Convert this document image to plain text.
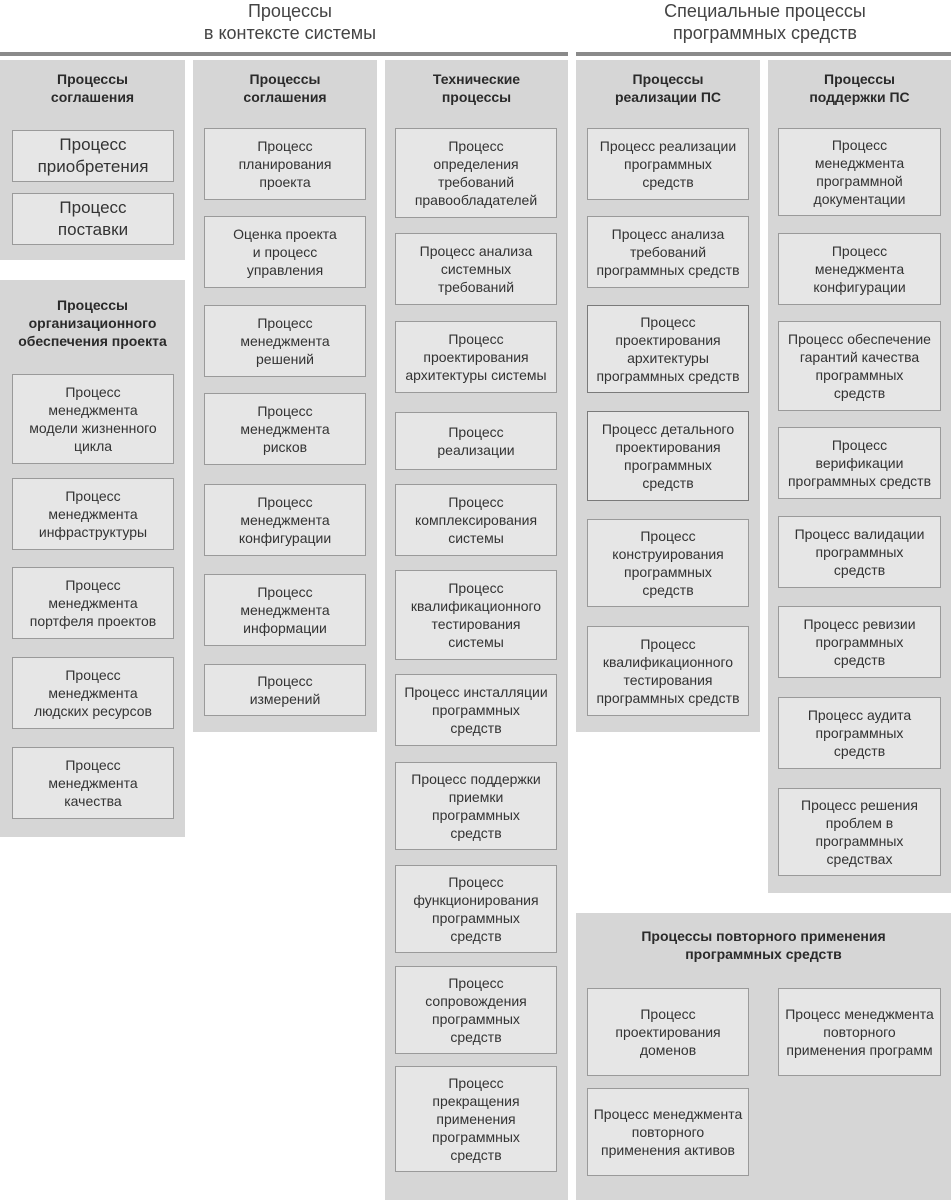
Процессы
в контексте системы
Специальные процессы
программных средств
Процессы
соглашения
Процесс
приобретения
Процесс
поставки
Процессы
организационного
обеспечения проекта
Процесс
менеджмента
модели жизненного
цикла
Процесс
менеджмента
инфраструктуры
Процесс
менеджмента
портфеля проектов
Процесс
менеджмента
людских ресурсов
Процесс
менеджмента
качества
Процессы
соглашения
Процесс
планирования
проекта
Оценка проекта
и процесс
управления
Процесс
менеджмента
решений
Процесс
менеджмента
рисков
Процесс
менеджмента
конфигурации
Процесс
менеджмента
информации
Процесс
измерений
Технические
процессы
Процесс
определения
требований
правообладателей
Процесс анализа
системных
требований
Процесс
проектирования
архитектуры системы
Процесс
реализации
Процесс
комплексирования
системы
Процесс
квалификационного
тестирования
системы
Процесс инсталляции
программных
средств
Процесс поддержки
приемки
программных
средств
Процесс
функционирования
программных
средств
Процесс
сопровождения
программных
средств
Процесс
прекращения
применения
программных
средств
Процессы
реализации ПС
Процесс реализации
программных
средств
Процесс анализа
требований
программных средств
Процесс
проектирования
архитектуры
программных средств
Процесс детального
проектирования
программных
средств
Процесс
конструирования
программных
средств
Процесс
квалификационного
тестирования
программных средств
Процессы
поддержки ПС
Процесс
менеджмента
программной
документации
Процесс
менеджмента
конфигурации
Процесс обеспечение
гарантий качества
программных
средств
Процесс
верификации
программных средств
Процесс валидации
программных
средств
Процесс ревизии
программных
средств
Процесс аудита
программных
средств
Процесс решения
проблем в
программных
средствах
Процессы повторного применения
программных средств
Процесс
проектирования
доменов
Процесс менеджмента
повторного
применения программ
Процесс менеджмента
повторного
применения активов
